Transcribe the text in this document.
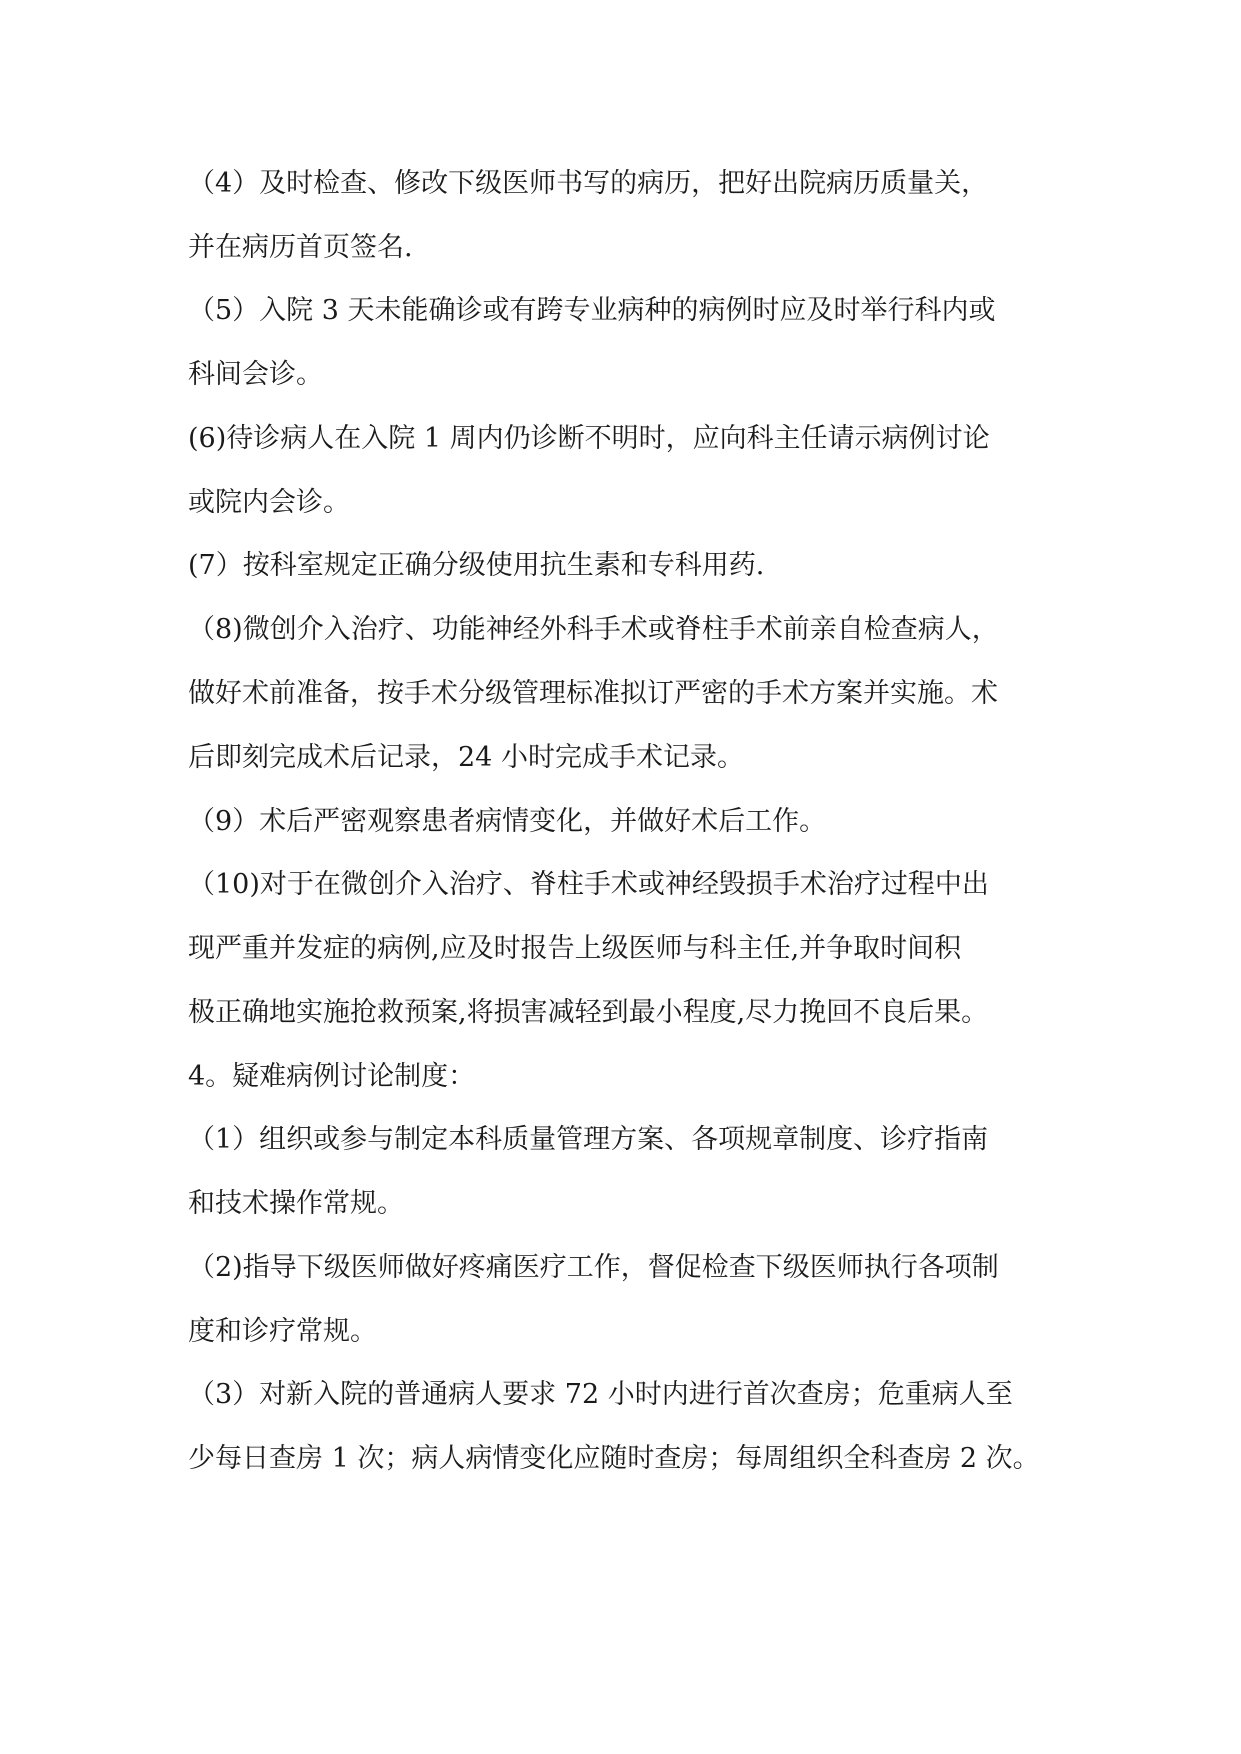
（4）及时检查、修改下级医师书写的病历，把好出院病历质量关，
并在病历首页签名.
（5）入院 3 天未能确诊或有跨专业病种的病例时应及时举行科内或
科间会诊。
(6)待诊病人在入院 1 周内仍诊断不明时，应向科主任请示病例讨论
或院内会诊。
(7）按科室规定正确分级使用抗生素和专科用药.
（8)微创介入治疗、功能神经外科手术或脊柱手术前亲自检查病人，
做好术前准备，按手术分级管理标准拟订严密的手术方案并实施。术
后即刻完成术后记录，24 小时完成手术记录。
（9）术后严密观察患者病情变化，并做好术后工作。
（10)对于在微创介入治疗、脊柱手术或神经毁损手术治疗过程中出
现严重并发症的病例,应及时报告上级医师与科主任,并争取时间积
极正确地实施抢救预案,将损害减轻到最小程度,尽力挽回不良后果。
4。疑难病例讨论制度：
（1）组织或参与制定本科质量管理方案、各项规章制度、诊疗指南
和技术操作常规。
（2)指导下级医师做好疼痛医疗工作，督促检查下级医师执行各项制
度和诊疗常规。
（3）对新入院的普通病人要求 72 小时内进行首次查房；危重病人至
少每日查房 1 次；病人病情变化应随时查房；每周组织全科查房 2 次。
